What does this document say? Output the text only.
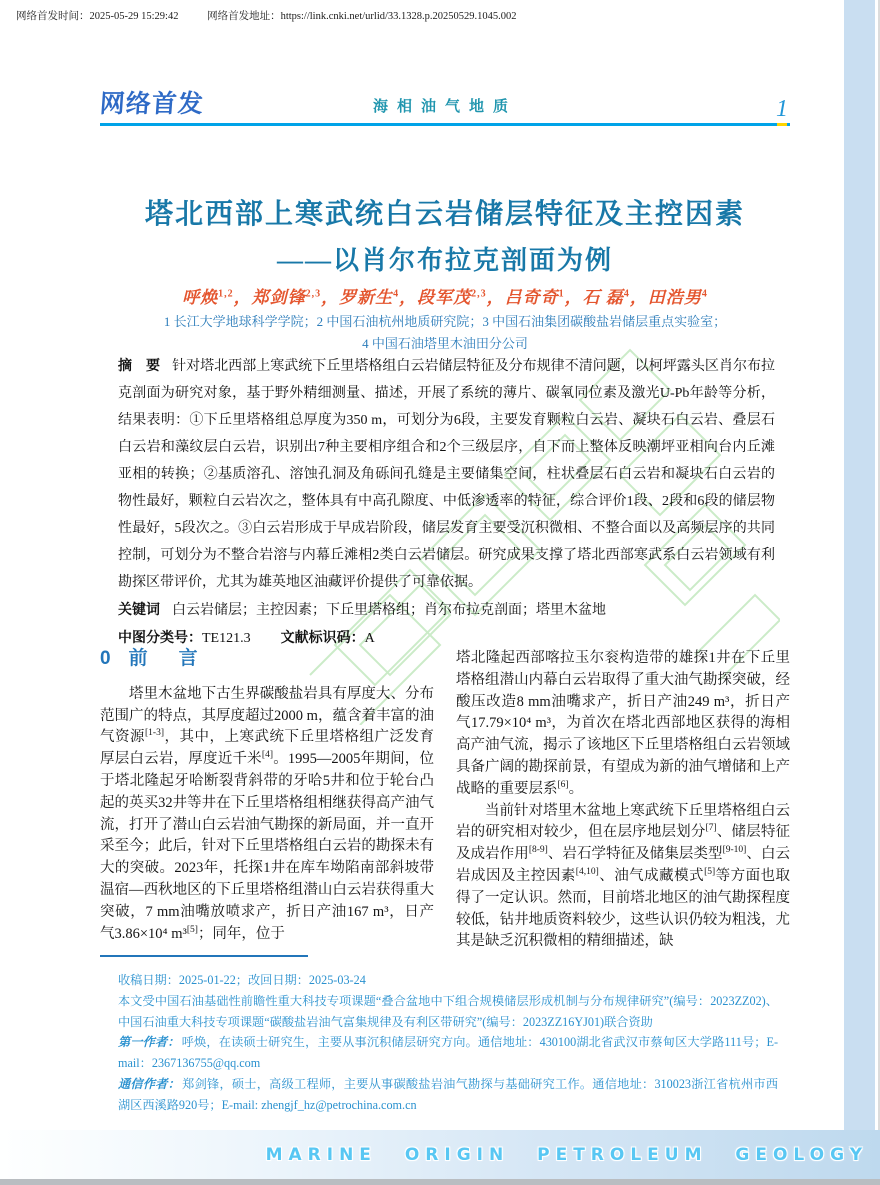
网络首发时间：2025-05-29 15:29:42	网络首发地址：https://link.cnki.net/urlid/33.1328.p.20250529.1045.002
网络首发	海相油气地质	1
塔北西部上寒武统白云岩储层特征及主控因素
——以肖尔布拉克剖面为例
呼焕$^{1,2}$，郑剑锋$^{2,3}$，罗新生$^4$，段军茂$^{2,3}$，吕奇奇$^1$，石 磊$^4$，田浩男$^4$
1 长江大学地球科学学院；2 中国石油杭州地质研究院；3 中国石油集团碳酸盐岩储层重点实验室；
4 中国石油塔里木油田分公司

摘　要 针对塔北西部上寒武统下丘里塔格组白云岩储层特征及分布规律不清问题，以柯坪露头区肖尔布拉克剖面为研究对象，基于野外精细测量、描述，开展了系统的薄片、碳氧同位素及激光U-Pb年龄等分析，结果表明：①下丘里塔格组总厚度为350 m，可划分为6段，主要发育颗粒白云岩、凝块石白云岩、叠层石白云岩和藻纹层白云岩，识别出7种主要相序组合和2个三级层序，自下而上整体反映潮坪亚相向台内丘滩亚相的转换；②基质溶孔、溶蚀孔洞及角砾间孔缝是主要储集空间，柱状叠层石白云岩和凝块石白云岩的物性最好，颗粒白云岩次之，整体具有中高孔隙度、中低渗透率的特征，综合评价1段、2段和6段的储层物性最好，5段次之。③白云岩形成于早成岩阶段，储层发育主要受沉积微相、不整合面以及高频层序的共同控制，可划分为不整合岩溶与内幕丘滩相2类白云岩储层。研究成果支撑了塔北西部寒武系白云岩领域有利勘探区带评价，尤其为雄英地区油藏评价提供了可靠依据。

关键词 白云岩储层；主控因素；下丘里塔格组；肖尔布拉克剖面；塔里木盆地

中图分类号：TE121.3 文献标识码：A

0 前　言

塔里木盆地下古生界碳酸盐岩具有厚度大、分布范围广的特点，其厚度超过2000 m，蕴含着丰富的油气资源[1-3]，其中，上寒武统下丘里塔格组广泛发育厚层白云岩，厚度近千米[4]。1995—2005年期间，位于塔北隆起牙哈断裂背斜带的牙哈5井和位于轮台凸起的英买32井等井在下丘里塔格组相继获得高产油气流，打开了潜山白云岩油气勘探的新局面，并一直开采至今；此后，针对下丘里塔格组白云岩的勘探未有大的突破。2023年，托探1井在库车坳陷南部斜坡带温宿—西秋地区的下丘里塔格组潜山白云岩获得重大突破，7 mm油嘴放喷求产，折日产油167 m³，日产气3.86×10⁴ m³[5]；同年，位于

塔北隆起西部喀拉玉尔衮构造带的雄探1井在下丘里塔格组潜山内幕白云岩取得了重大油气勘探突破，经酸压改造8 mm油嘴求产，折日产油249 m³，折日产气17.79×10⁴ m³，为首次在塔北西部地区获得的海相高产油气流，揭示了该地区下丘里塔格组白云岩领域具备广阔的勘探前景，有望成为新的油气增储和上产战略的重要层系[6]。

当前针对塔里木盆地上寒武统下丘里塔格组白云岩的研究相对较少，但在层序地层划分[7]、储层特征及成岩作用[8-9]、岩石学特征及储集层类型[9-10]、白云岩成因及主控因素[4,10]、油气成藏模式[5]等方面也取得了一定认识。然而，目前塔北地区的油气勘探程度较低，钻井地质资料较少，这些认识仍较为粗浅，尤其是缺乏沉积微相的精细描述，缺

收稿日期：2025-01-22；改回日期：2025-03-24

本文受中国石油基础性前瞻性重大科技专项课题“叠合盆地中下组合规模储层形成机制与分布规律研究”(编号：2023ZZ02)、中国石油重大科技专项课题“碳酸盐岩油气富集规律及有利区带研究”(编号：2023ZZ16YJ01)联合资助

第一作者： 呼焕，在读硕士研究生，主要从事沉积储层研究方向。通信地址：430100湖北省武汉市蔡甸区大学路111号；E-mail：2367136755@qq.com

通信作者： 郑剑锋，硕士，高级工程师，主要从事碳酸盐岩油气勘探与基础研究工作。通信地址：310023浙江省杭州市西湖区西溪路920号；E-mail: zhengjf_hz@petrochina.com.cn

MARINE ORIGIN PETROLEUM GEOLOGY
